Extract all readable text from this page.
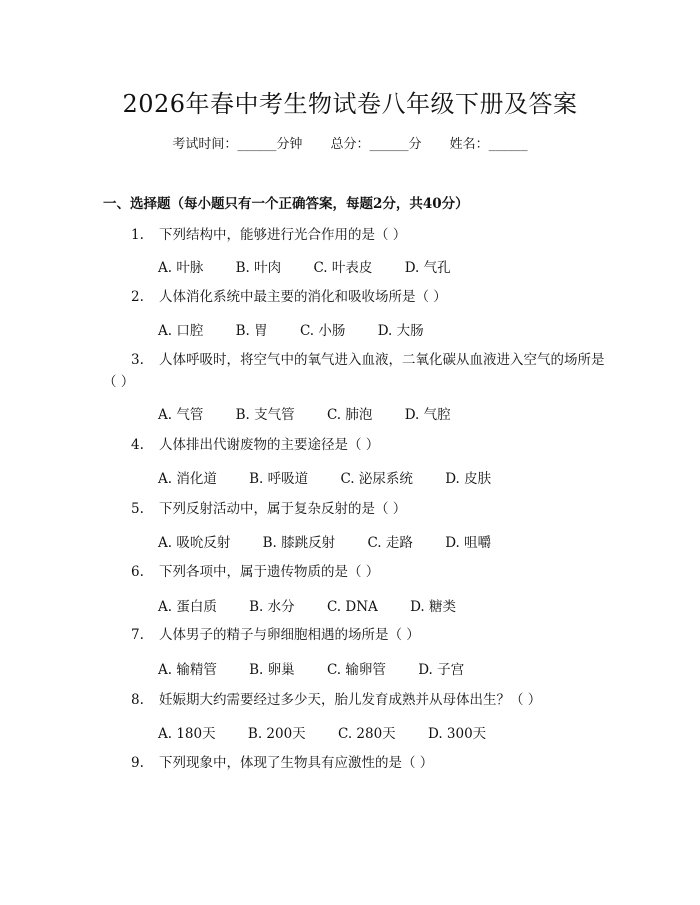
2026年春中考生物试卷八年级下册及答案
考试时间：______分钟 总分：______分 姓名：______
一、选择题（每小题只有一个正确答案，每题2分，共40分）
1. 下列结构中，能够进行光合作用的是（ ）
A. 叶脉 B. 叶肉 C. 叶表皮 D. 气孔
2. 人体消化系统中最主要的消化和吸收场所是（ ）
A. 口腔 B. 胃 C. 小肠 D. 大肠
3. 人体呼吸时，将空气中的氧气进入血液，二氧化碳从血液进入空气的场所是（ ）
A. 气管 B. 支气管 C. 肺泡 D. 气腔
4. 人体排出代谢废物的主要途径是（ ）
A. 消化道 B. 呼吸道 C. 泌尿系统 D. 皮肤
5. 下列反射活动中，属于复杂反射的是（ ）
A. 吸吮反射 B. 膝跳反射 C. 走路 D. 咀嚼
6. 下列各项中，属于遗传物质的是（ ）
A. 蛋白质 B. 水分 C. DNA D. 糖类
7. 人体男子的精子与卵细胞相遇的场所是（ ）
A. 输精管 B. 卵巢 C. 输卵管 D. 子宫
8. 妊娠期大约需要经过多少天，胎儿发育成熟并从母体出生？（ ）
A. 180天 B. 200天 C. 280天 D. 300天
9. 下列现象中，体现了生物具有应激性的是（ ）
